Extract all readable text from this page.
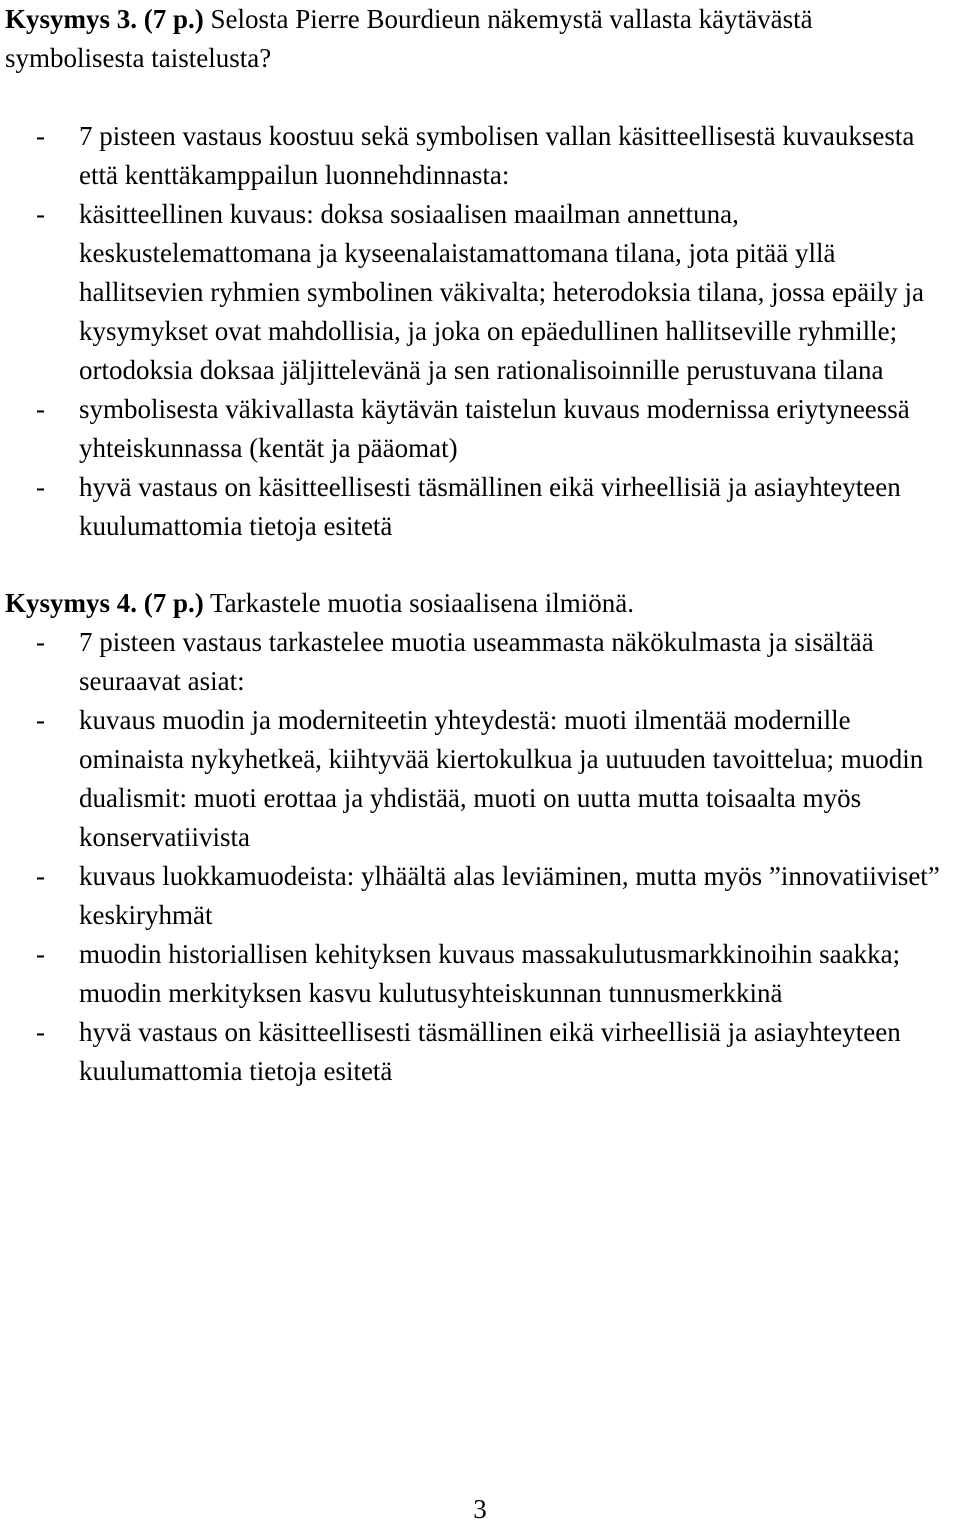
Kysymys 3. (7 p.) Selosta Pierre Bourdieun näkemystä vallasta käytävästä symbolisesta taistelusta?

- 7 pisteen vastaus koostuu sekä symbolisen vallan käsitteellisestä kuvauksesta että kenttäkamppailun luonnehdinnasta:
- käsitteellinen kuvaus: doksa sosiaalisen maailman annettuna, keskustelemattomana ja kyseenalaistamattomana tilana, jota pitää yllä hallitsevien ryhmien symbolinen väkivalta; heterodoksia tilana, jossa epäily ja kysymykset ovat mahdollisia, ja joka on epäedullinen hallitseville ryhmille; ortodoksia doksaa jäljittelevänä ja sen rationalisoinnille perustuvana tilana
- symbolisesta väkivallasta käytävän taistelun kuvaus modernissa eriytyneessä yhteiskunnassa (kentät ja pääomat)
- hyvä vastaus on käsitteellisesti täsmällinen eikä virheellisiä ja asiayhteyteen kuulumattomia tietoja esitetä

Kysymys 4. (7 p.) Tarkastele muotia sosiaalisena ilmiönä.

- 7 pisteen vastaus tarkastelee muotia useammasta näkökulmasta ja sisältää seuraavat asiat:
- kuvaus muodin ja moderniteetin yhteydestä: muoti ilmentää modernille ominaista nykyhetkeä, kiihtyvää kiertokulkua ja uutuuden tavoittelua; muodin dualismit: muoti erottaa ja yhdistää, muoti on uutta mutta toisaalta myös konservatiivista
- kuvaus luokkamuodeista: ylhäältä alas leviäminen, mutta myös ”innovatiiviset” keskiryhmät
- muodin historiallisen kehityksen kuvaus massakulutusmarkkinoihin saakka; muodin merkityksen kasvu kulutusyhteiskunnan tunnusmerkkinä
- hyvä vastaus on käsitteellisesti täsmällinen eikä virheellisiä ja asiayhteyteen kuulumattomia tietoja esitetä
3
